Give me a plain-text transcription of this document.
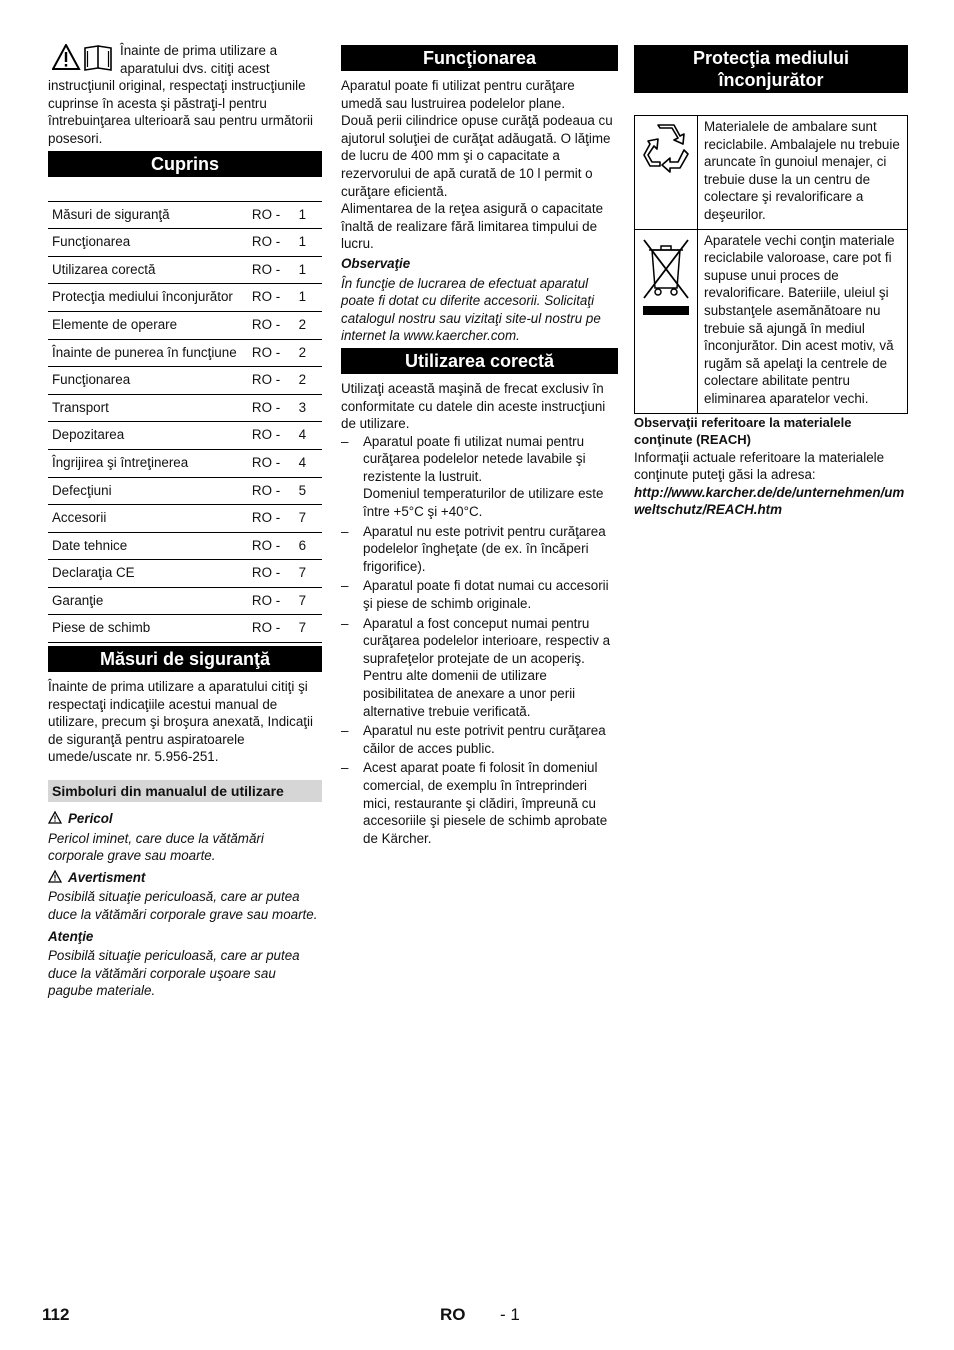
Înainte de prima utilizare a aparatului dvs. citiţi acest instrucţiunil original, respectaţi instrucţiunile cuprinse în acesta şi păstraţi-l pentru întrebuinţarea ulterioară sau pentru următorii posesori.

Cuprins
Măsuri de siguranţă	RO -	1
Funcţionarea	RO -	1
Utilizarea corectă	RO -	1
Protecţia mediului înconjurător	RO -	1
Elemente de operare	RO -	2
Înainte de punerea în funcţiune	RO -	2
Funcţionarea	RO -	2
Transport	RO -	3
Depozitarea	RO -	4
Îngrijirea şi întreţinerea	RO -	4
Defecţiuni	RO -	5
Accesorii	RO -	7
Date tehnice	RO -	6
Declaraţia CE	RO -	7
Garanţie	RO -	7
Piese de schimb	RO -	7
Măsuri de siguranţă

Înainte de prima utilizare a aparatului citiţi şi respectaţi indicaţiile acestui manual de utilizare, precum şi broşura anexată, Indicaţii de siguranţă pentru aspiratoarele umede/uscate nr. 5.956-251.

Simboluri din manualul de utilizare

Pericol

Pericol iminet, care duce la vătămări corporale grave sau moarte.

Avertisment

Posibilă situaţie periculoasă, care ar putea duce la vătămări corporale grave sau moarte.

Atenţie

Posibilă situaţie periculoasă, care ar putea duce la vătămări corporale uşoare sau pagube materiale.

Funcţionarea

Aparatul poate fi utilizat pentru curăţare umedă sau lustruirea podelelor plane.

Două perii cilindrice opuse curăţă podeaua cu ajutorul soluţiei de curăţat adăugată. O lăţime de lucru de 400 mm şi o capacitate a rezervorului de apă curată de 10 l permit o curăţare eficientă.

Alimentarea de la reţea asigură o capacitate înaltă de realizare fără limitarea timpului de lucru.

Observaţie

În funcţie de lucrarea de efectuat aparatul poate fi dotat cu diferite accesorii. Solicitaţi catalogul nostru sau vizitaţi site-ul nostru pe internet la www.kaercher.com.

Utilizarea corectă

Utilizaţi această maşină de frecat exclusiv în conformitate cu datele din aceste instrucţiuni de utilizare.

– Aparatul poate fi utilizat numai pentru curăţarea podelelor netede lavabile şi rezistente la lustruit.
Domeniul temperaturilor de utilizare este între +5°C şi +40°C.
– Aparatul nu este potrivit pentru curăţarea podelelor îngheţate (de ex. în încăperi frigorifice).
– Aparatul poate fi dotat numai cu accesorii şi piese de schimb originale.
– Aparatul a fost conceput numai pentru curăţarea podelelor interioare, respectiv a suprafeţelor protejate de un acoperiş. Pentru alte domenii de utilizare posibilitatea de anexare a unor perii alternative trebuie verificată.
– Aparatul nu este potrivit pentru curăţarea căilor de acces public.
– Acest aparat poate fi folosit în domeniul comercial, de exemplu în întreprinderi mici, restaurante şi clădiri, împreună cu accesoriile şi piesele de schimb aprobate de Kärcher.
Protecţia mediului înconjurător
	Materialele de ambalare sunt reciclabile. Ambalajele nu trebuie aruncate în gunoiul menajer, ci trebuie duse la un centru de colectare şi revalorificare a deşeurilor.
	Aparatele vechi conţin materiale reciclabile valoroase, care pot fi supuse unui proces de revalorificare. Bateriile, uleiul şi substanţele asemănătoare nu trebuie să ajungă în mediul înconjurător. Din acest motiv, vă rugăm să apelaţi la centrele de colectare abilitate pentru eliminarea aparatelor vechi.

Observaţii referitoare la materialele conţinute (REACH)

Informaţii actuale referitoare la materialele conţinute puteţi găsi la adresa:

http://www.karcher.de/de/unternehmen/umweltschutz/REACH.htm

112	RO - 1
